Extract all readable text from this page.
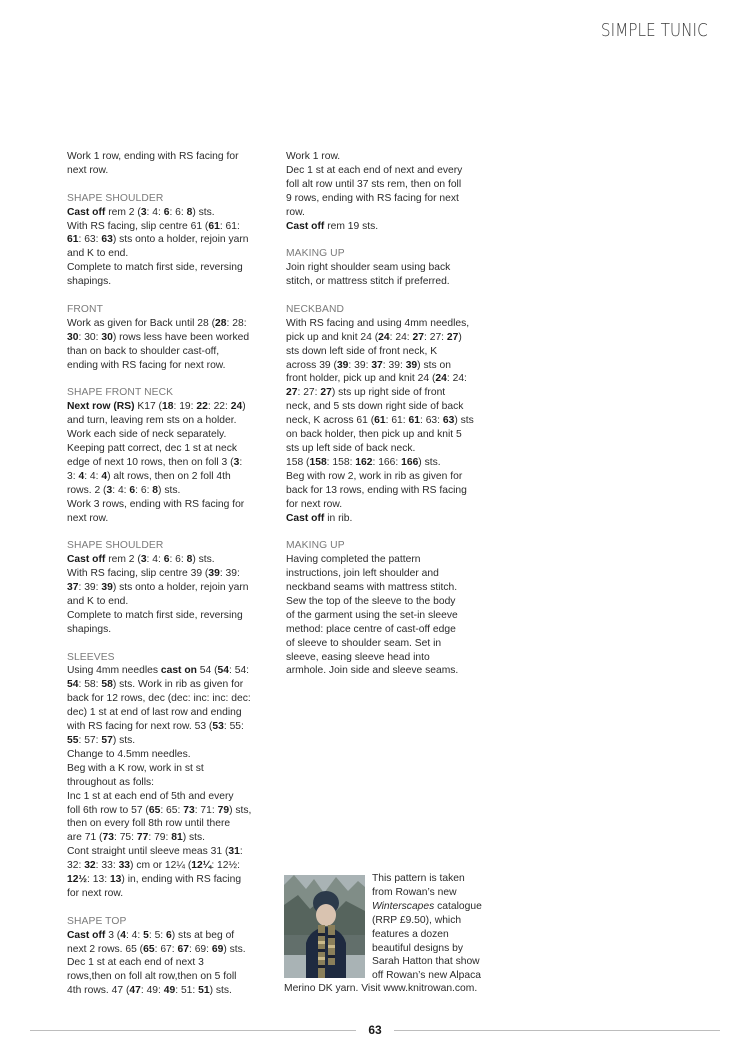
SIMPLE TUNIC
Work 1 row, ending with RS facing for
next row.
SHAPE SHOULDER
Cast off rem 2 (3: 4: 6: 6: 8) sts.
With RS facing, slip centre 61 (61: 61:
61: 63: 63) sts onto a holder, rejoin yarn
and K to end.
Complete to match first side, reversing
shapings.
FRONT
Work as given for Back until 28 (28: 28:
30: 30: 30) rows less have been worked
than on back to shoulder cast-off,
ending with RS facing for next row.
SHAPE FRONT NECK
Next row (RS) K17 (18: 19: 22: 22: 24)
and turn, leaving rem sts on a holder.
Work each side of neck separately.
Keeping patt correct, dec 1 st at neck
edge of next 10 rows, then on foll 3 (3:
3: 4: 4: 4) alt rows, then on 2 foll 4th
rows. 2 (3: 4: 6: 6: 8) sts.
Work 3 rows, ending with RS facing for
next row.
SHAPE SHOULDER
Cast off rem 2 (3: 4: 6: 6: 8) sts.
With RS facing, slip centre 39 (39: 39:
37: 39: 39) sts onto a holder, rejoin yarn
and K to end.
Complete to match first side, reversing
shapings.
SLEEVES
Using 4mm needles cast on 54 (54: 54:
54: 58: 58) sts. Work in rib as given for
back for 12 rows, dec (dec: inc: inc: dec:
dec) 1 st at end of last row and ending
with RS facing for next row. 53 (53: 55:
55: 57: 57) sts.
Change to 4.5mm needles.
Beg with a K row, work in st st
throughout as folls:
Inc 1 st at each end of 5th and every
foll 6th row to 57 (65: 65: 73: 71: 79) sts,
then on every foll 8th row until there
are 71 (73: 75: 77: 79: 81) sts.
Cont straight until sleeve meas 31 (31:
32: 32: 33: 33) cm or 12¼ (12¼: 12½:
12½: 13: 13) in, ending with RS facing
for next row.
SHAPE TOP
Cast off 3 (4: 4: 5: 5: 6) sts at beg of
next 2 rows. 65 (65: 67: 67: 69: 69) sts.
Dec 1 st at each end of next 3
rows,then on foll alt row,then on 5 foll
4th rows. 47 (47: 49: 49: 51: 51) sts.
Work 1 row.
Dec 1 st at each end of next and every
foll alt row until 37 sts rem, then on foll
9 rows, ending with RS facing for next
row.
Cast off rem 19 sts.
MAKING UP
Join right shoulder seam using back
stitch, or mattress stitch if preferred.
NECKBAND
With RS facing and using 4mm needles,
pick up and knit 24 (24: 24: 27: 27: 27)
sts down left side of front neck, K
across 39 (39: 39: 37: 39: 39) sts on
front holder, pick up and knit 24 (24: 24:
27: 27: 27) sts up right side of front
neck, and 5 sts down right side of back
neck, K across 61 (61: 61: 61: 63: 63) sts
on back holder, then pick up and knit 5
sts up left side of back neck.
158 (158: 158: 162: 166: 166) sts.
Beg with row 2, work in rib as given for
back for 13 rows, ending with RS facing
for next row.
Cast off in rib.
MAKING UP
Having completed the pattern
instructions, join left shoulder and
neckband seams with mattress stitch.
Sew the top of the sleeve to the body
of the garment using the set-in sleeve
method: place centre of cast-off edge
of sleeve to shoulder seam. Set in
sleeve, easing sleeve head into
armhole. Join side and sleeve seams.
This pattern is taken
from Rowan’s new
Winterscapes catalogue
(RRP £9.50), which
features a dozen
beautiful designs by
Sarah Hatton that show
off Rowan’s new Alpaca
Merino DK yarn. Visit www.knitrowan.com.
63
